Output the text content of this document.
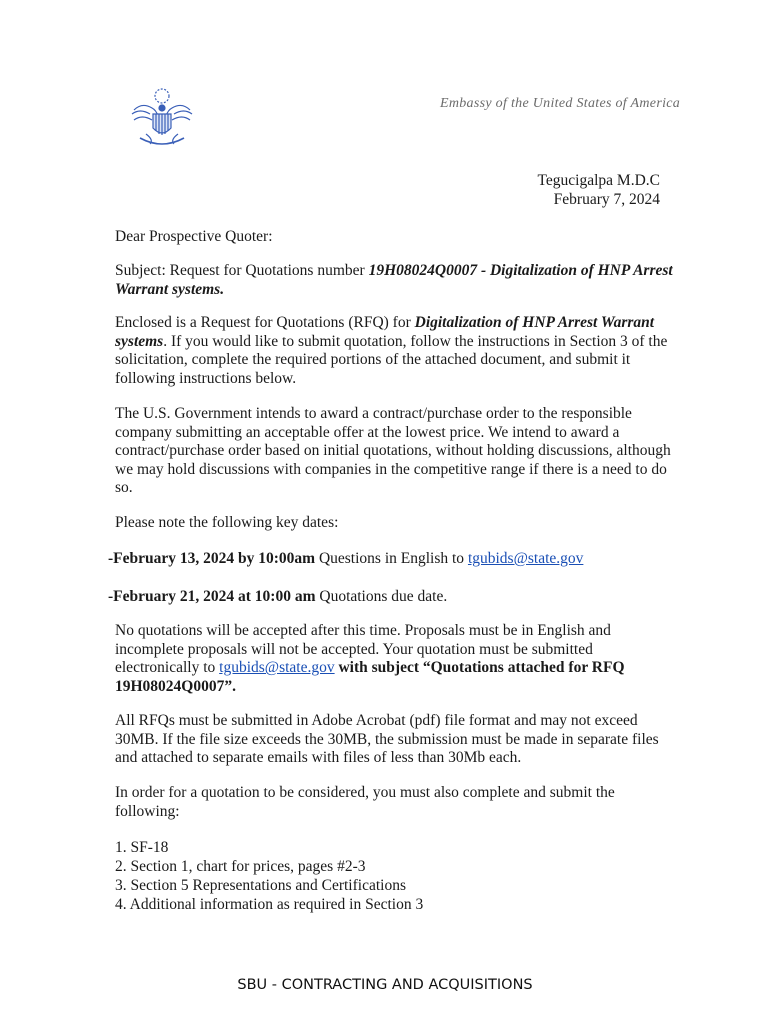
Embassy of the United States of America
Tegucigalpa M.D.C
February 7, 2024
Dear Prospective Quoter:
Subject: Request for Quotations number 19H08024Q0007 - Digitalization of HNP Arrest Warrant systems.
Enclosed is a Request for Quotations (RFQ) for Digitalization of HNP Arrest Warrant systems. If you would like to submit quotation, follow the instructions in Section 3 of the solicitation, complete the required portions of the attached document, and submit it following instructions below.
The U.S. Government intends to award a contract/purchase order to the responsible company submitting an acceptable offer at the lowest price. We intend to award a contract/purchase order based on initial quotations, without holding discussions, although we may hold discussions with companies in the competitive range if there is a need to do so.
Please note the following key dates:
-February 13, 2024 by 10:00am Questions in English to tgubids@state.gov
-February 21, 2024 at 10:00 am Quotations due date.
No quotations will be accepted after this time. Proposals must be in English and incomplete proposals will not be accepted. Your quotation must be submitted electronically to tgubids@state.gov with subject “Quotations attached for RFQ 19H08024Q0007”.
All RFQs must be submitted in Adobe Acrobat (pdf) file format and may not exceed 30MB. If the file size exceeds the 30MB, the submission must be made in separate files and attached to separate emails with files of less than 30Mb each.
In order for a quotation to be considered, you must also complete and submit the following:
1. SF-18
2. Section 1, chart for prices, pages #2-3
3. Section 5 Representations and Certifications
4. Additional information as required in Section 3
SBU - CONTRACTING AND ACQUISITIONS
